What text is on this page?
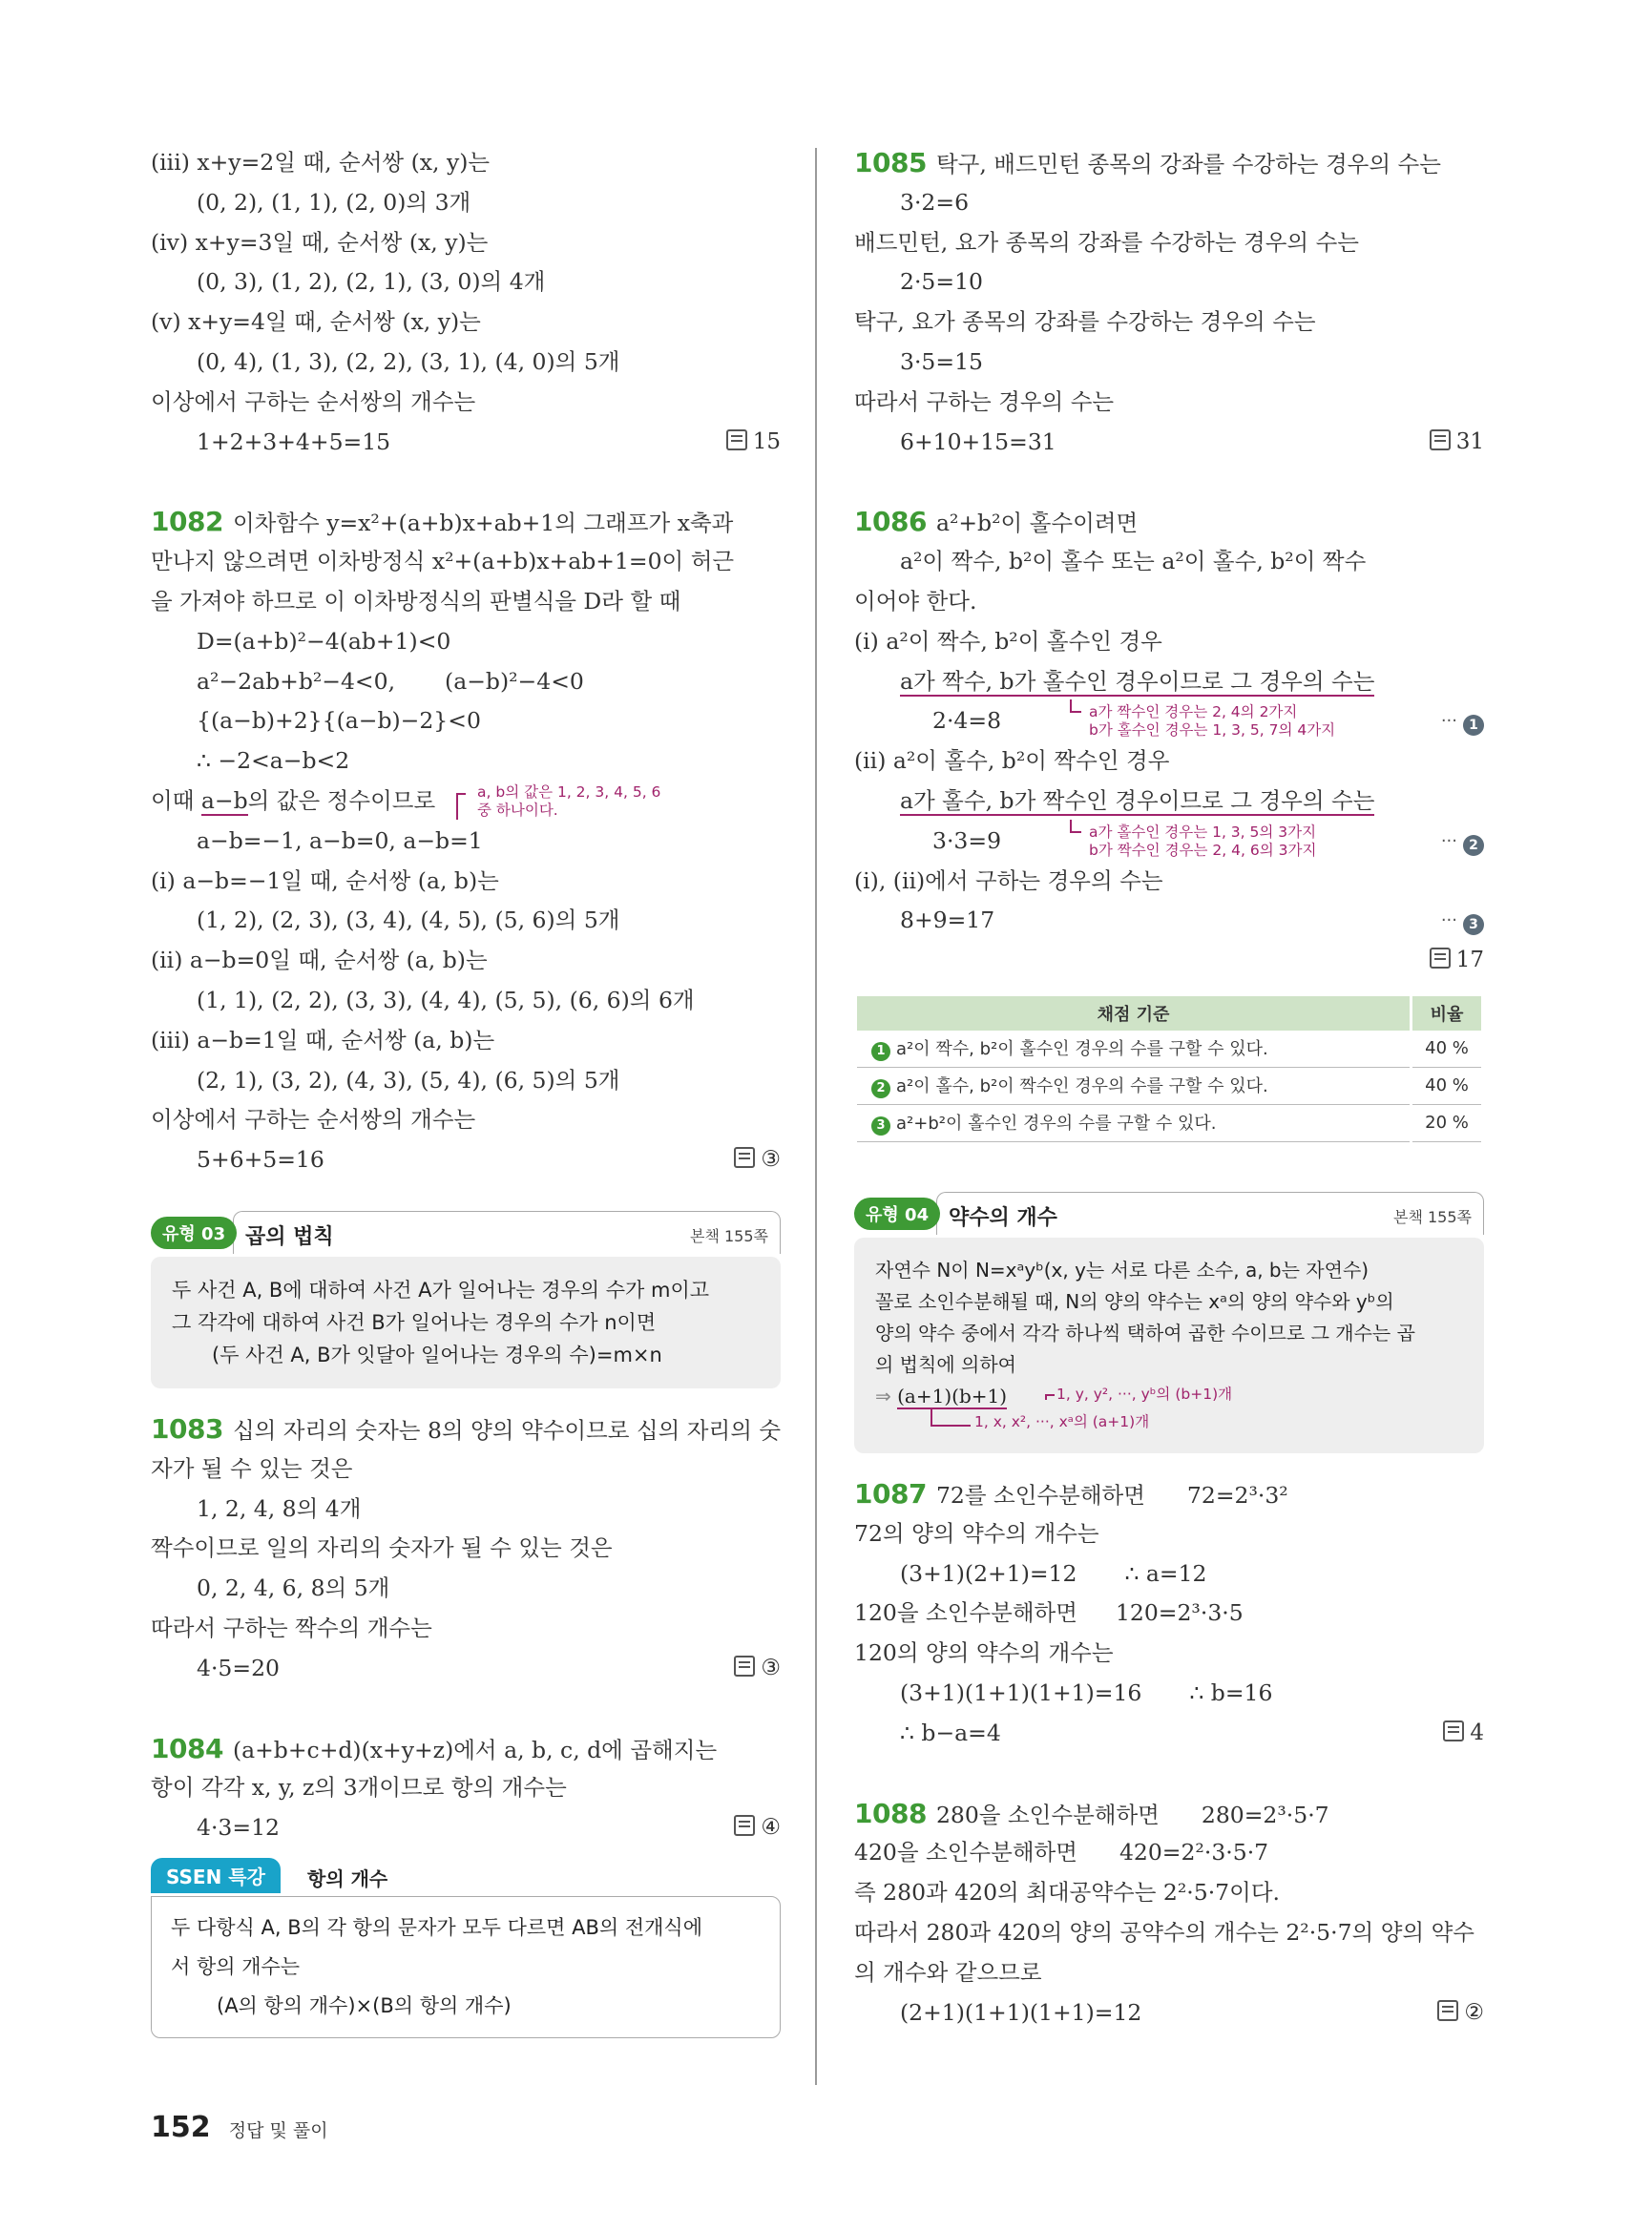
(iii) x+y=2일 때, 순서쌍 (x, y)는
(0, 2), (1, 1), (2, 0)의 3개
(iv) x+y=3일 때, 순서쌍 (x, y)는
(0, 3), (1, 2), (2, 1), (3, 0)의 4개
(v) x+y=4일 때, 순서쌍 (x, y)는
(0, 4), (1, 3), (2, 2), (3, 1), (4, 0)의 5개
이상에서 구하는 순서쌍의 개수는
1+2+3+4+5=15	15
1082 이차함수 y=x²+(a+b)x+ab+1의 그래프가 x축과
만나지 않으려면 이차방정식 x²+(a+b)x+ab+1=0이 허근
을 가져야 하므로 이 이차방정식의 판별식을 D라 할 때
D=(a+b)²−4(ab+1)<0
a²−2ab+b²−4<0, (a−b)²−4<0
{(a−b)+2}{(a−b)−2}<0
∴ −2<a−b<2
이때 a−b의 값은 정수이므로	a, b의 값은 1, 2, 3, 4, 5, 6
중 하나이다.
a−b=−1, a−b=0, a−b=1
(i) a−b=−1일 때, 순서쌍 (a, b)는
(1, 2), (2, 3), (3, 4), (4, 5), (5, 6)의 5개
(ii) a−b=0일 때, 순서쌍 (a, b)는
(1, 1), (2, 2), (3, 3), (4, 4), (5, 5), (6, 6)의 6개
(iii) a−b=1일 때, 순서쌍 (a, b)는
(2, 1), (3, 2), (4, 3), (5, 4), (6, 5)의 5개
이상에서 구하는 순서쌍의 개수는
5+6+5=16	③
곱의 법칙	본책 155쪽
유형 03
두 사건 A, B에 대하여 사건 A가 일어나는 경우의 수가 m이고
그 각각에 대하여 사건 B가 일어나는 경우의 수가 n이면
(두 사건 A, B가 잇달아 일어나는 경우의 수)=m×n
1083 십의 자리의 숫자는 8의 양의 약수이므로 십의 자리의 숫
자가 될 수 있는 것은
1, 2, 4, 8의 4개
짝수이므로 일의 자리의 숫자가 될 수 있는 것은
0, 2, 4, 6, 8의 5개
따라서 구하는 짝수의 개수는
4·5=20	③
1084 (a+b+c+d)(x+y+z)에서 a, b, c, d에 곱해지는
항이 각각 x, y, z의 3개이므로 항의 개수는
4·3=12	④
SSEN 특강	항의 개수
두 다항식 A, B의 각 항의 문자가 모두 다르면 AB의 전개식에
서 항의 개수는
(A의 항의 개수)×(B의 항의 개수)
1085 탁구, 배드민턴 종목의 강좌를 수강하는 경우의 수는
3·2=6
배드민턴, 요가 종목의 강좌를 수강하는 경우의 수는
2·5=10
탁구, 요가 종목의 강좌를 수강하는 경우의 수는
3·5=15
따라서 구하는 경우의 수는
6+10+15=31	31
1086 a²+b²이 홀수이려면
a²이 짝수, b²이 홀수 또는 a²이 홀수, b²이 짝수
이어야 한다.
(i) a²이 짝수, b²이 홀수인 경우
a가 짝수, b가 홀수인 경우이므로 그 경우의 수는
2·4=8	a가 짝수인 경우는 2, 4의 2가지
b가 홀수인 경우는 1, 3, 5, 7의 4가지	··· 1
(ii) a²이 홀수, b²이 짝수인 경우
a가 홀수, b가 짝수인 경우이므로 그 경우의 수는
3·3=9	a가 홀수인 경우는 1, 3, 5의 3가지
b가 짝수인 경우는 2, 4, 6의 3가지	··· 2
(i), (ii)에서 구하는 경우의 수는
8+9=17	··· 3
17
채점 기준	비율
1 a²이 짝수, b²이 홀수인 경우의 수를 구할 수 있다.	40 %
2 a²이 홀수, b²이 짝수인 경우의 수를 구할 수 있다.	40 %
3 a²+b²이 홀수인 경우의 수를 구할 수 있다.	20 %
약수의 개수	본책 155쪽
유형 04
자연수 N이 N=xᵃyᵇ(x, y는 서로 다른 소수, a, b는 자연수)
꼴로 소인수분해될 때, N의 양의 약수는 xᵃ의 양의 약수와 yᵇ의
양의 약수 중에서 각각 하나씩 택하여 곱한 수이므로 그 개수는 곱
의 법칙에 의하여
⇒ (a+1)(b+1)	1, y, y², ···, yᵇ의 (b+1)개
1, x, x², ···, xᵃ의 (a+1)개
1087 72를 소인수분해하면 72=2³·3²
72의 양의 약수의 개수는
(3+1)(2+1)=12 ∴ a=12
120을 소인수분해하면 120=2³·3·5
120의 양의 약수의 개수는
(3+1)(1+1)(1+1)=16 ∴ b=16
∴ b−a=4	4
1088 280을 소인수분해하면 280=2³·5·7
420을 소인수분해하면 420=2²·3·5·7
즉 280과 420의 최대공약수는 2²·5·7이다.
따라서 280과 420의 양의 공약수의 개수는 2²·5·7의 양의 약수
의 개수와 같으므로
(2+1)(1+1)(1+1)=12	②
152 정답 및 풀이
